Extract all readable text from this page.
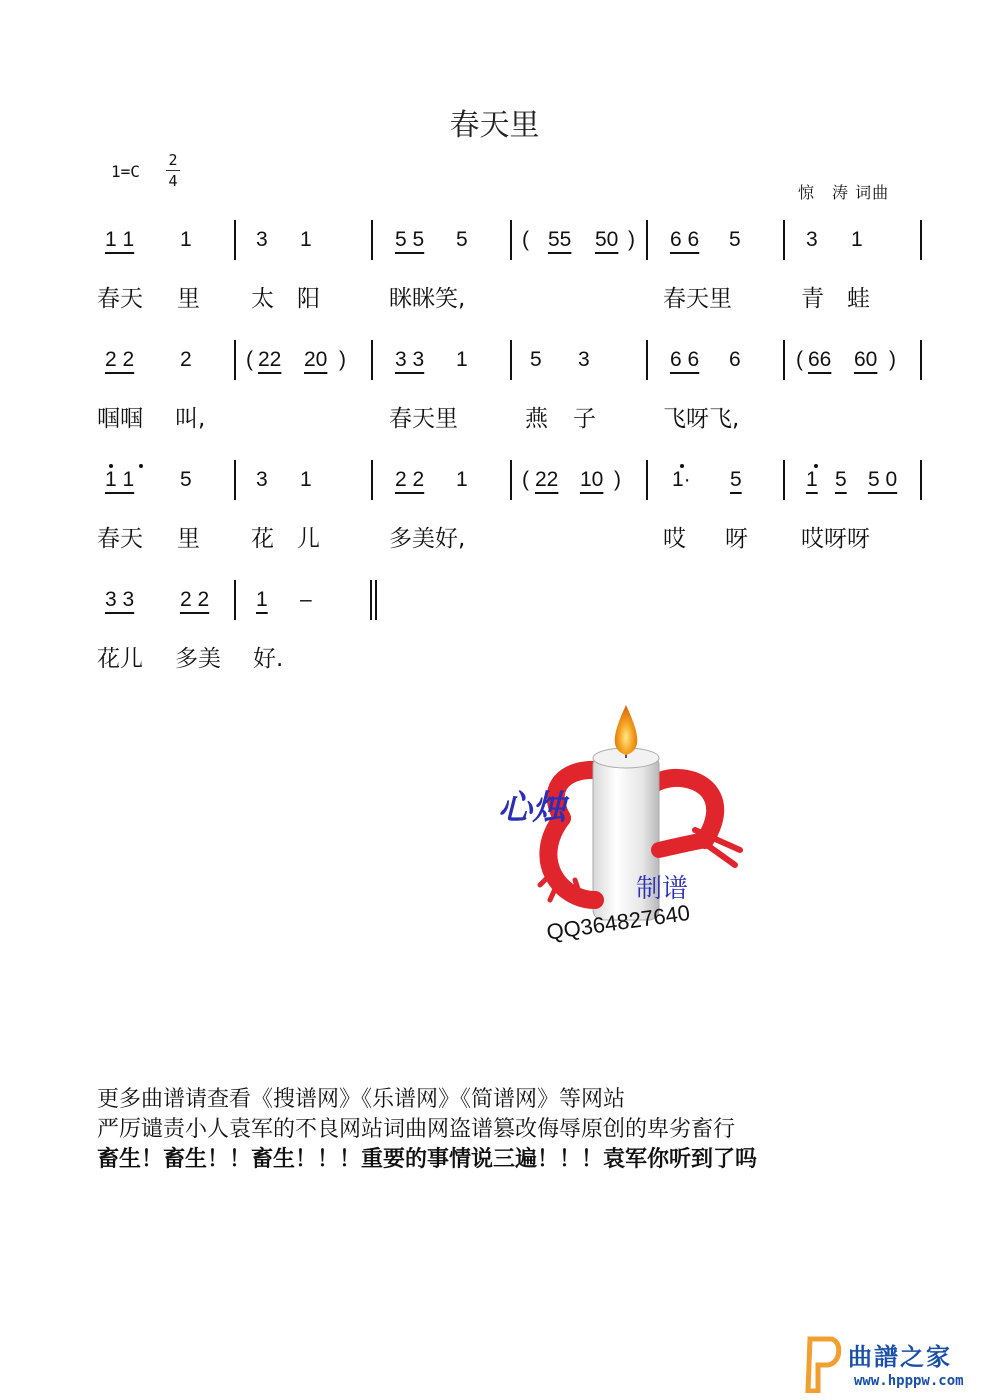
春天里
1=C
2
4
惊　涛 词曲
1 1 1	3 1	5 5 5	( 55 50 ) 6 6 5	3 1
春天 里 太 阳	眯眯笑,	春天里	青 蛙
2 2 2	( 22 20 ) 3 3 1	5 3	6 6 6	( 66 60 )
啯啯 叫,	春天里	燕 子	飞呀飞,
1 1 5	3 1	2 2 1	( 22 10 ) 1· 5	1 5 5 0
春天 里 花 儿	多美好,	哎 呀 哎呀呀
3 3 2 2 1 –
花儿 多美 好.
心烛
制谱
QQ364827640
更多曲谱请查看《搜谱网》《乐谱网》《简谱网》等网站
严厉谴责小人袁军的不良网站词曲网盗谱篡改侮辱原创的卑劣畜行
畜生！畜生！！畜生！！！重要的事情说三遍！！！袁军你听到了吗
曲譜之家
www.hpppw.com
